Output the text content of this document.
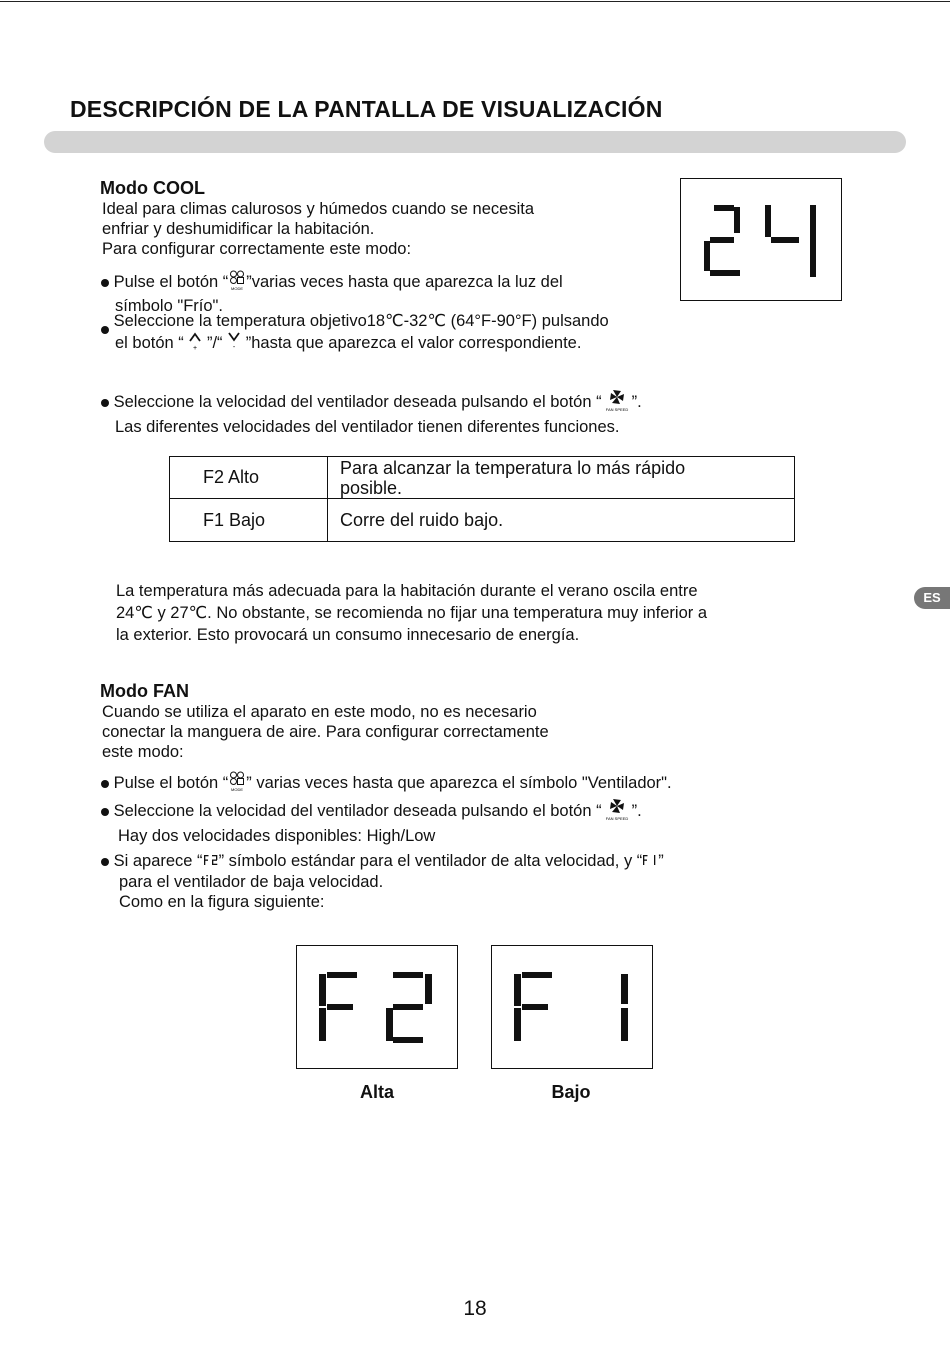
DESCRIPCIÓN DE LA PANTALLA DE VISUALIZACIÓN
Modo COOL
Ideal para climas calurosos y húmedos cuando se necesita
enfriar y deshumidificar la habitación.
Para configurar correctamente este modo:
Pulse el botón “ MODE ”varias veces hasta que aparezca la luz del
símbolo "Frío".
Seleccione la temperatura objetivo18℃-32℃ (64°F-90°F) pulsando
el botón “ + ”/“ - ”hasta que aparezca el valor correspondiente.
Seleccione la velocidad del ventilador deseada pulsando el botón “ FAN SPEED ”.
Las diferentes velocidades del ventilador tienen diferentes funciones.
F2 Alto	Para alcanzar la temperatura lo más rápido
posible.

F1 Bajo	Corre del ruido bajo.
La temperatura más adecuada para la habitación durante el verano oscila entre
24℃ y 27℃. No obstante, se recomienda no fijar una temperatura muy inferior a
la exterior. Esto provocará un consumo innecesario de energía.
ES
Modo FAN
Cuando se utiliza el aparato en este modo, no es necesario
conectar la manguera de aire. Para configurar correctamente
este modo:
Pulse el botón “ MODE ” varias veces hasta que aparezca el símbolo "Ventilador".
Seleccione la velocidad del ventilador deseada pulsando el botón “ FAN SPEED ”.
Hay dos velocidades disponibles: High/Low
Si aparece “ ” símbolo estándar para el ventilador de alta velocidad, y “ ”
para el ventilador de baja velocidad.
Como en la figura siguiente:
Alta	Bajo
18
